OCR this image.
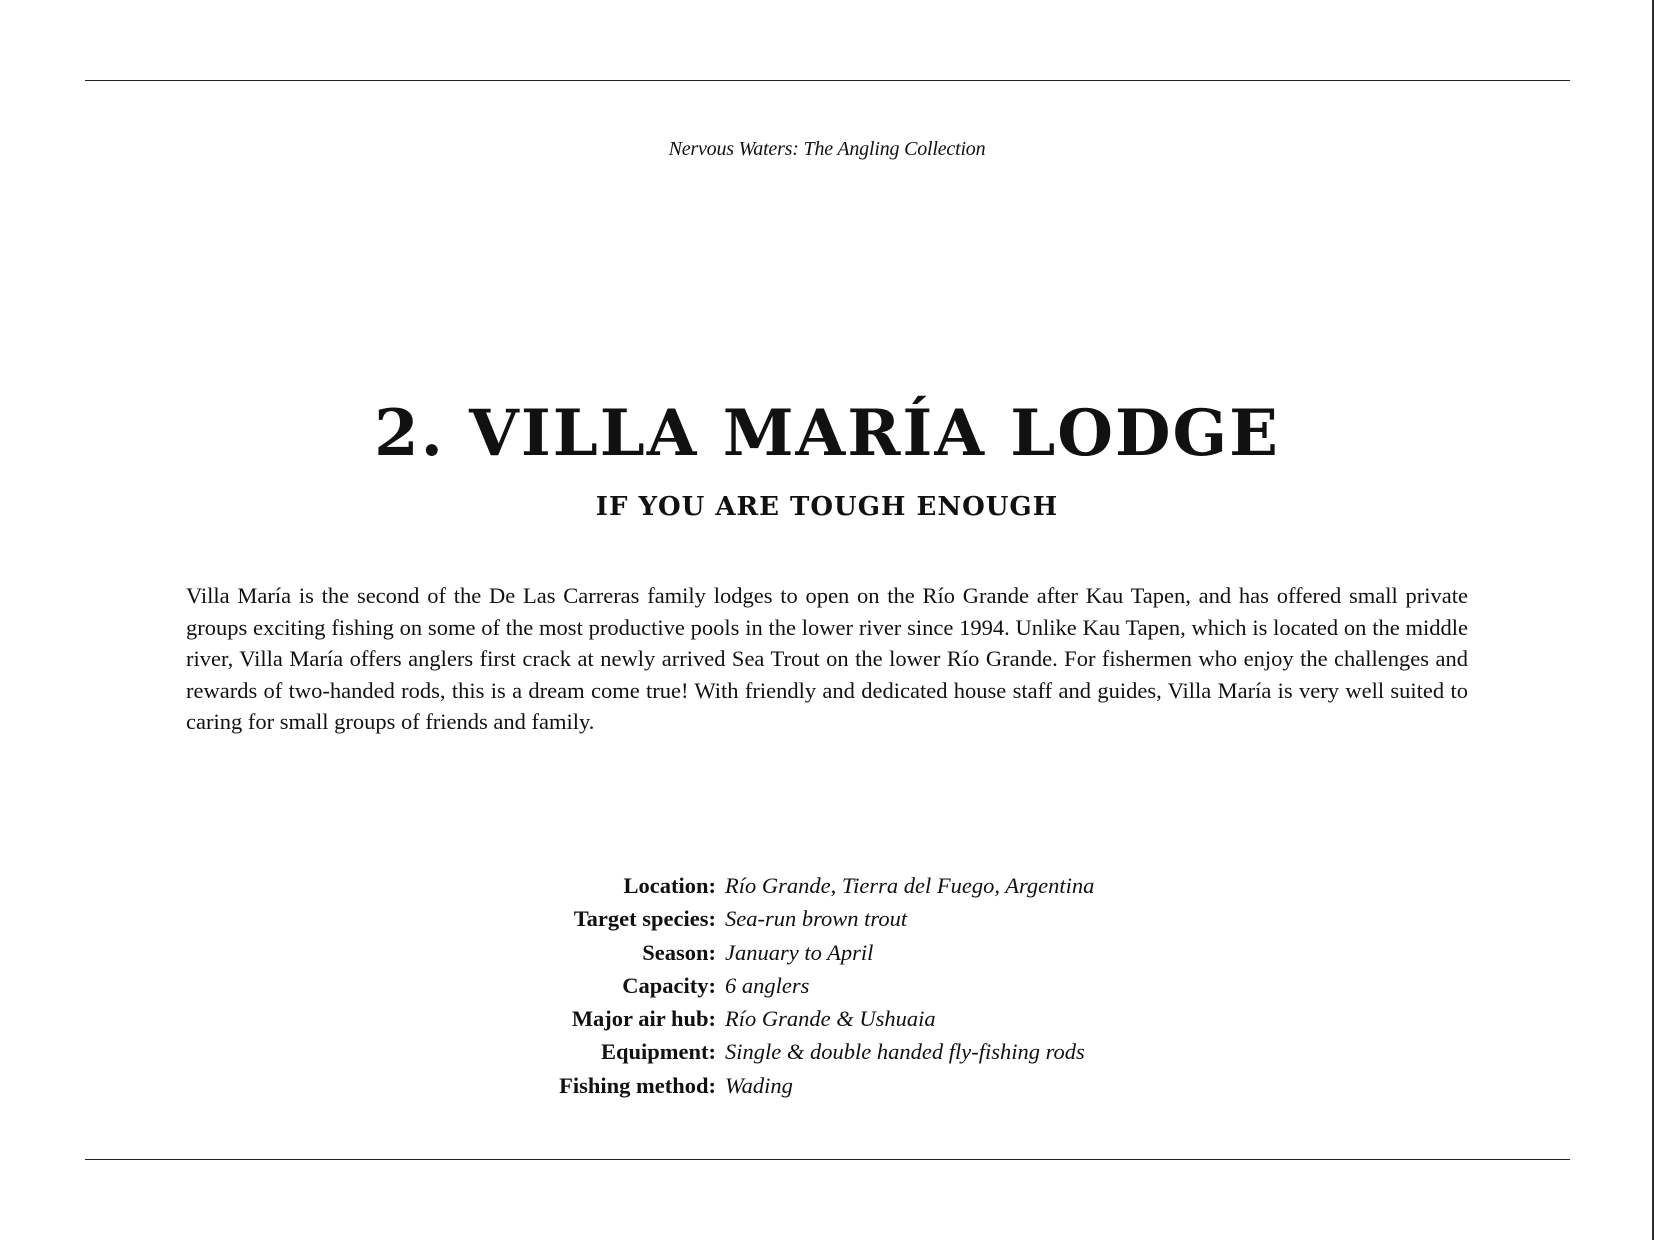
Nervous Waters: The Angling Collection
2. VILLA MARÍA LODGE
IF YOU ARE TOUGH ENOUGH

Villa María is the second of the De Las Carreras family lodges to open on the Río Grande after Kau Tapen, and has offered small private groups exciting fishing on some of the most productive pools in the lower river since 1994. Unlike Kau Tapen, which is located on the middle river, Villa María offers anglers first crack at newly arrived Sea Trout on the lower Río Grande. For fishermen who enjoy the challenges and rewards of two-handed rods, this is a dream come true! With friendly and dedicated house staff and guides, Villa María is very well suited to caring for small groups of friends and family.

Location: Río Grande, Tierra del Fuego, Argentina
Target species: Sea-run brown trout
Season: January to April
Capacity: 6 anglers
Major air hub: Río Grande & Ushuaia
Equipment: Single & double handed fly-fishing rods
Fishing method: Wading
